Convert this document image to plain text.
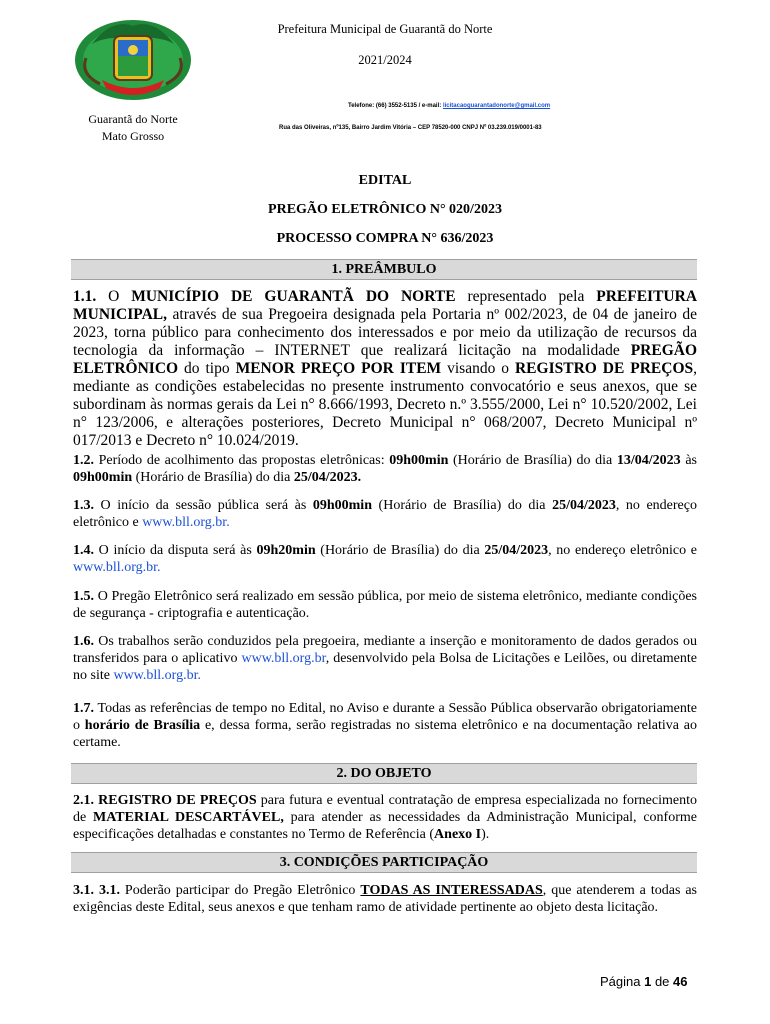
Prefeitura Municipal de Guarantã do Norte
2021/2024
Guarantã do Norte
Mato Grosso
Telefone: (66) 3552-5135 / e-mail: licitacaoguarantadonorte@gmail.com
Rua das Oliveiras, nº135, Bairro Jardim Vitória – CEP 78520-000 CNPJ Nº 03.239.019/0001-83
EDITAL
PREGÃO ELETRÔNICO N° 020/2023
PROCESSO COMPRA N° 636/2023
1. PREÂMBULO
1.1. O MUNICÍPIO DE GUARANTÃ DO NORTE representado pela PREFEITURA MUNICIPAL, através de sua Pregoeira designada pela Portaria nº 002/2023, de 04 de janeiro de 2023, torna público para conhecimento dos interessados e por meio da utilização de recursos da tecnologia da informação – INTERNET que realizará licitação na modalidade PREGÃO ELETRÔNICO do tipo MENOR PREÇO POR ITEM visando o REGISTRO DE PREÇOS, mediante as condições estabelecidas no presente instrumento convocatório e seus anexos, que se subordinam às normas gerais da Lei n° 8.666/1993, Decreto n.º 3.555/2000, Lei n° 10.520/2002, Lei n° 123/2006, e alterações posteriores, Decreto Municipal n° 068/2007, Decreto Municipal nº 017/2013 e Decreto n° 10.024/2019.
1.2. Período de acolhimento das propostas eletrônicas: 09h00min (Horário de Brasília) do dia 13/04/2023 às 09h00min (Horário de Brasília) do dia 25/04/2023.
1.3. O início da sessão pública será às 09h00min (Horário de Brasília) do dia 25/04/2023, no endereço eletrônico e www.bll.org.br.
1.4. O início da disputa será às 09h20min (Horário de Brasília) do dia 25/04/2023, no endereço eletrônico e www.bll.org.br.
1.5. O Pregão Eletrônico será realizado em sessão pública, por meio de sistema eletrônico, mediante condições de segurança - criptografia e autenticação.
1.6. Os trabalhos serão conduzidos pela pregoeira, mediante a inserção e monitoramento de dados gerados ou transferidos para o aplicativo www.bll.org.br, desenvolvido pela Bolsa de Licitações e Leilões, ou diretamente no site www.bll.org.br.
1.7. Todas as referências de tempo no Edital, no Aviso e durante a Sessão Pública observarão obrigatoriamente o horário de Brasília e, dessa forma, serão registradas no sistema eletrônico e na documentação relativa ao certame.
2. DO OBJETO
2.1. REGISTRO DE PREÇOS para futura e eventual contratação de empresa especializada no fornecimento de MATERIAL DESCARTÁVEL, para atender as necessidades da Administração Municipal, conforme especificações detalhadas e constantes no Termo de Referência (Anexo I).
3. CONDIÇÕES PARTICIPAÇÃO
3.1. 3.1. Poderão participar do Pregão Eletrônico TODAS AS INTERESSADAS, que atenderem a todas as exigências deste Edital, seus anexos e que tenham ramo de atividade pertinente ao objeto desta licitação.
Página 1 de 46
